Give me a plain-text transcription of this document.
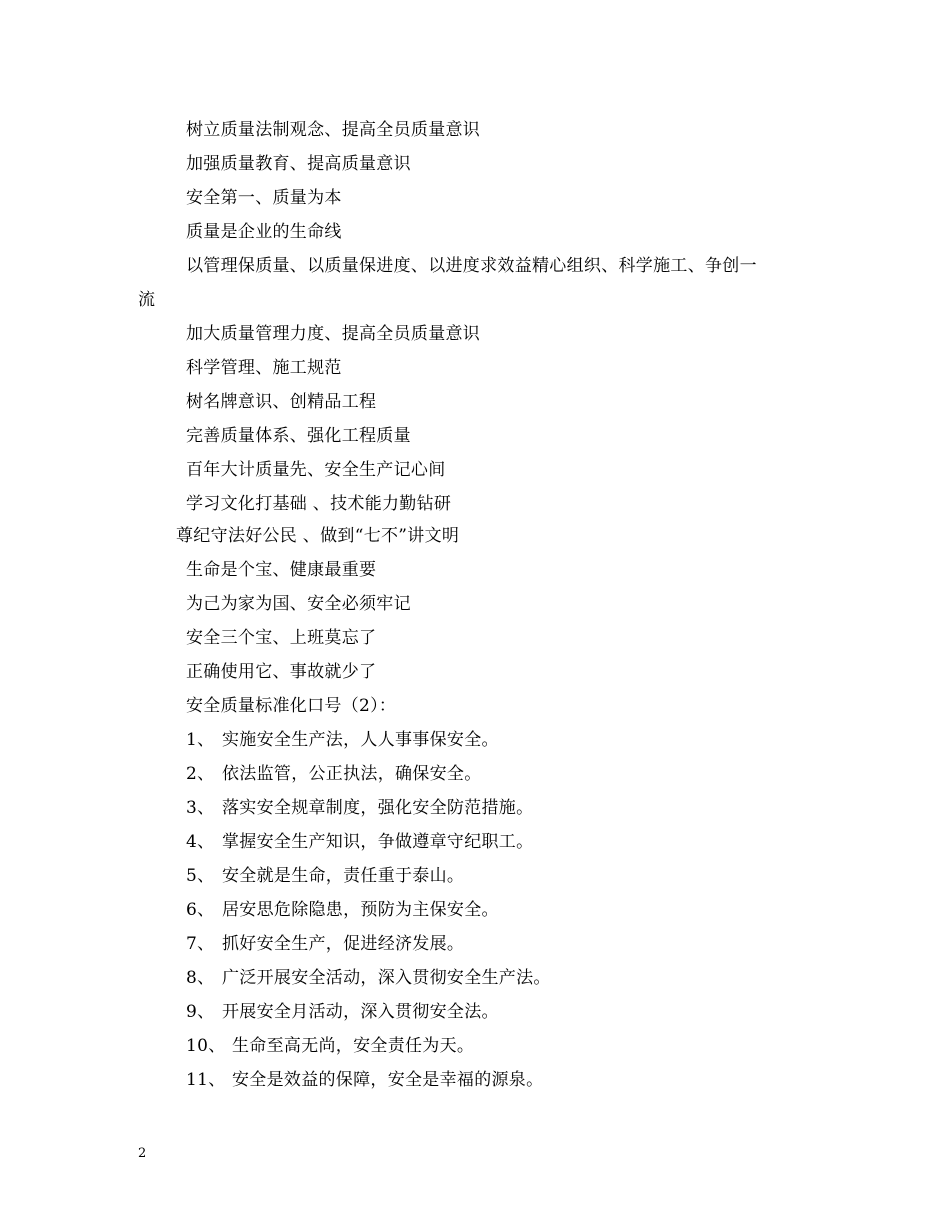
树立质量法制观念、提高全员质量意识
加强质量教育、提高质量意识
安全第一、质量为本
质量是企业的生命线
以管理保质量、以质量保进度、以进度求效益精心组织、科学施工、争创一
流
加大质量管理力度、提高全员质量意识
科学管理、施工规范
树名牌意识、创精品工程
完善质量体系、强化工程质量
百年大计质量先、安全生产记心间
学习文化打基础 、技术能力勤钻研
尊纪守法好公民 、做到“七不”讲文明
生命是个宝、健康最重要
为己为家为国、安全必须牢记
安全三个宝、上班莫忘了
正确使用它、事故就少了
安全质量标准化口号（2）：
1、 实施安全生产法，人人事事保安全。
2、 依法监管，公正执法，确保安全。
3、 落实安全规章制度，强化安全防范措施。
4、 掌握安全生产知识，争做遵章守纪职工。
5、 安全就是生命，责任重于泰山。
6、 居安思危除隐患，预防为主保安全。
7、 抓好安全生产，促进经济发展。
8、 广泛开展安全活动，深入贯彻安全生产法。
9、 开展安全月活动，深入贯彻安全法。
10、 生命至高无尚，安全责任为天。
11、 安全是效益的保障，安全是幸福的源泉。
2
